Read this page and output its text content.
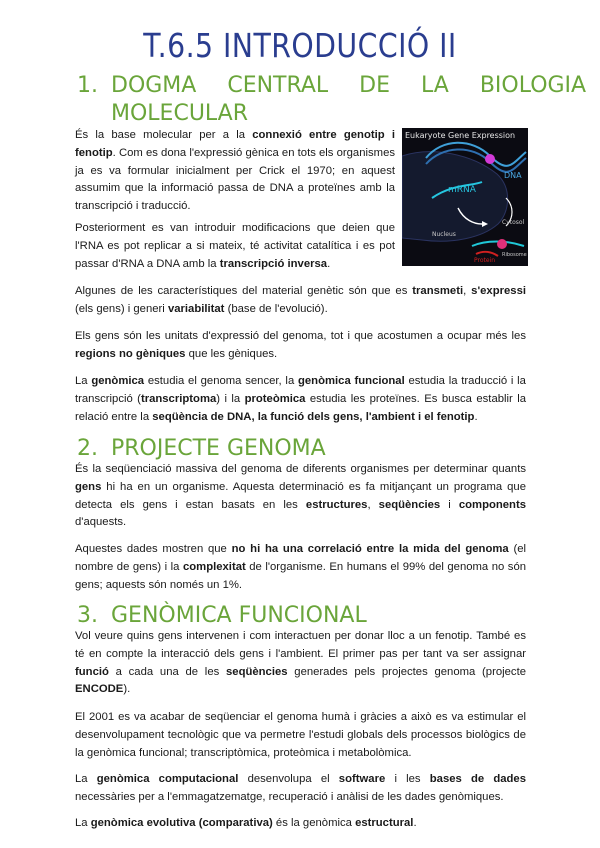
T.6.5 INTRODUCCIÓ II
1. DOGMA CENTRAL DE LA BIOLOGIA
MOLECULAR
Eukaryote Gene Expression
DNA
mRNA
Cytosol
Nucleus
Protein
Ribosome
És la base molecular per a la connexió entre genotip i fenotip. Com es dona l'expressió gènica en tots els organismes ja es va formular inicialment per Crick el 1970; en aquest assumim que la informació passa de DNA a proteïnes amb la transcripció i traducció.
Posteriorment es van introduir modificacions que deien que l'RNA es pot replicar a si mateix, té activitat catalítica i es pot passar d'RNA a DNA amb la transcripció inversa.
Algunes de les característiques del material genètic són que es transmeti, s'expressi (els gens) i generi variabilitat (base de l'evolució).
Els gens són les unitats d'expressió del genoma, tot i que acostumen a ocupar més les regions no gèniques que les gèniques.
La genòmica estudia el genoma sencer, la genòmica funcional estudia la traducció i la transcripció (transcriptoma) i la proteòmica estudia les proteïnes. Es busca establir la relació entre la seqüència de DNA, la funció dels gens, l'ambient i el fenotip.
2. PROJECTE GENOMA
És la seqüenciació massiva del genoma de diferents organismes per determinar quants gens hi ha en un organisme. Aquesta determinació es fa mitjançant un programa que detecta els gens i estan basats en les estructures, seqüències i components d'aquests.
Aquestes dades mostren que no hi ha una correlació entre la mida del genoma (el nombre de gens) i la complexitat de l'organisme. En humans el 99% del genoma no són gens; aquests són només un 1%.
3. GENÒMICA FUNCIONAL
Vol veure quins gens intervenen i com interactuen per donar lloc a un fenotip. També es té en compte la interacció dels gens i l'ambient. El primer pas per tant va ser assignar funció a cada una de les seqüències generades pels projectes genoma (projecte ENCODE).
El 2001 es va acabar de seqüenciar el genoma humà i gràcies a això es va estimular el desenvolupament tecnològic que va permetre l'estudi globals dels processos biològics de la genòmica funcional; transcriptòmica, proteòmica i metabolòmica.
La genòmica computacional desenvolupa el software i les bases de dades necessàries per a l'emmagatzematge, recuperació i anàlisi de les dades genòmiques.
La genòmica evolutiva (comparativa) és la genòmica estructural.
